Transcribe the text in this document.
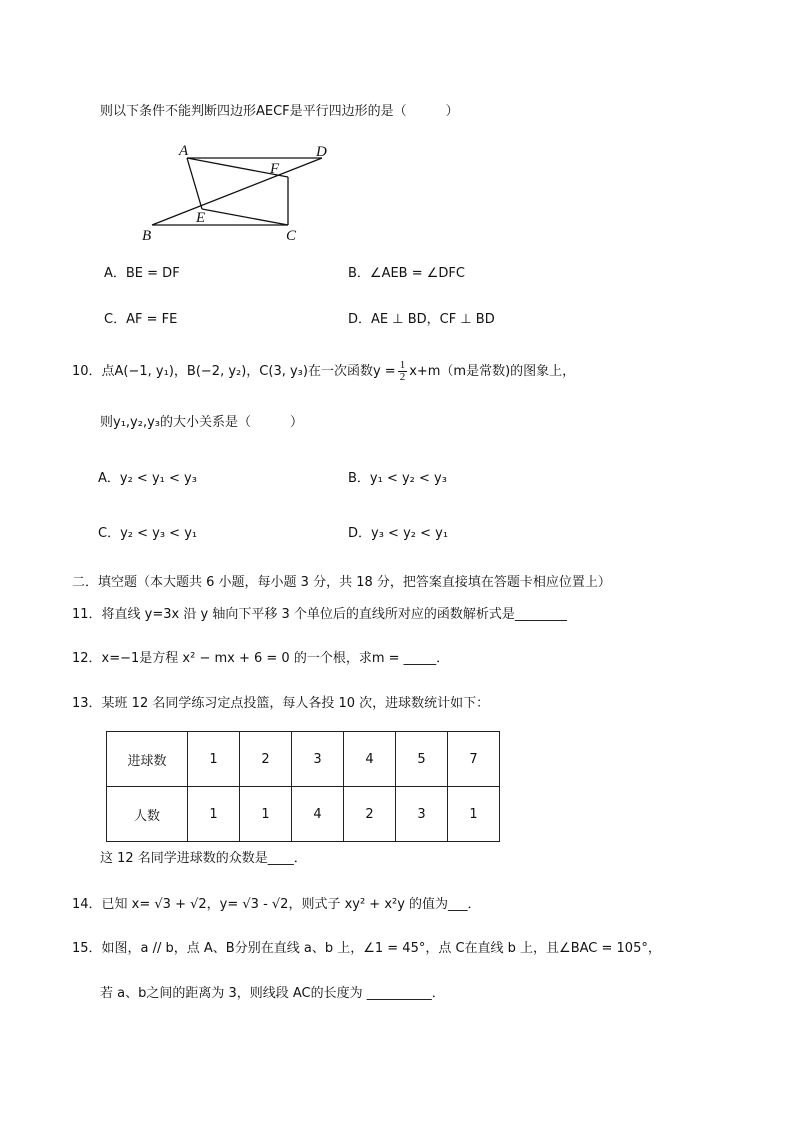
则以下条件不能判断四边形AECF是平行四边形的是（　　　）
A	D
F
E
B	C
A．BE = DF	B．∠AEB = ∠DFC
C．AF = FE	D．AE ⊥ BD，CF ⊥ BD
10．点A(−1, y₁)，B(−2, y₂)，C(3, y₃)在一次函数$y = \frac{1}{2} x+m(m$是常数)的图象上，
则y₁,y₂,y₃的大小关系是（　　　）
A．y₂ < y₁ < y₃	B．y₁ < y₂ < y₃
C．y₂ < y₃ < y₁	D．y₃ < y₂ < y₁
二．填空题（本大题共 6 小题，每小题 3 分，共 18 分，把答案直接填在答题卡相应位置上）
11．将直线 y=3x 沿 y 轴向下平移 3 个单位后的直线所对应的函数解析式是________
12．x=−1是方程 x² − mx + 6 = 0 的一个根，求m = _____．
13．某班 12 名同学练习定点投篮，每人各投 10 次，进球数统计如下：
进球数	1	2	3	4	5	7
人数	1	1	4	2	3	1
这 12 名同学进球数的众数是____．
14．已知 x= √3 + √2，y= √3 - √2，则式子 xy² + x²y 的值为___．
15．如图，a // b，点 A、B分别在直线 a、b 上，∠1 = 45°，点 C在直线 b 上，且∠BAC = 105°，
若 a、b之间的距离为 3，则线段 AC的长度为 __________．
